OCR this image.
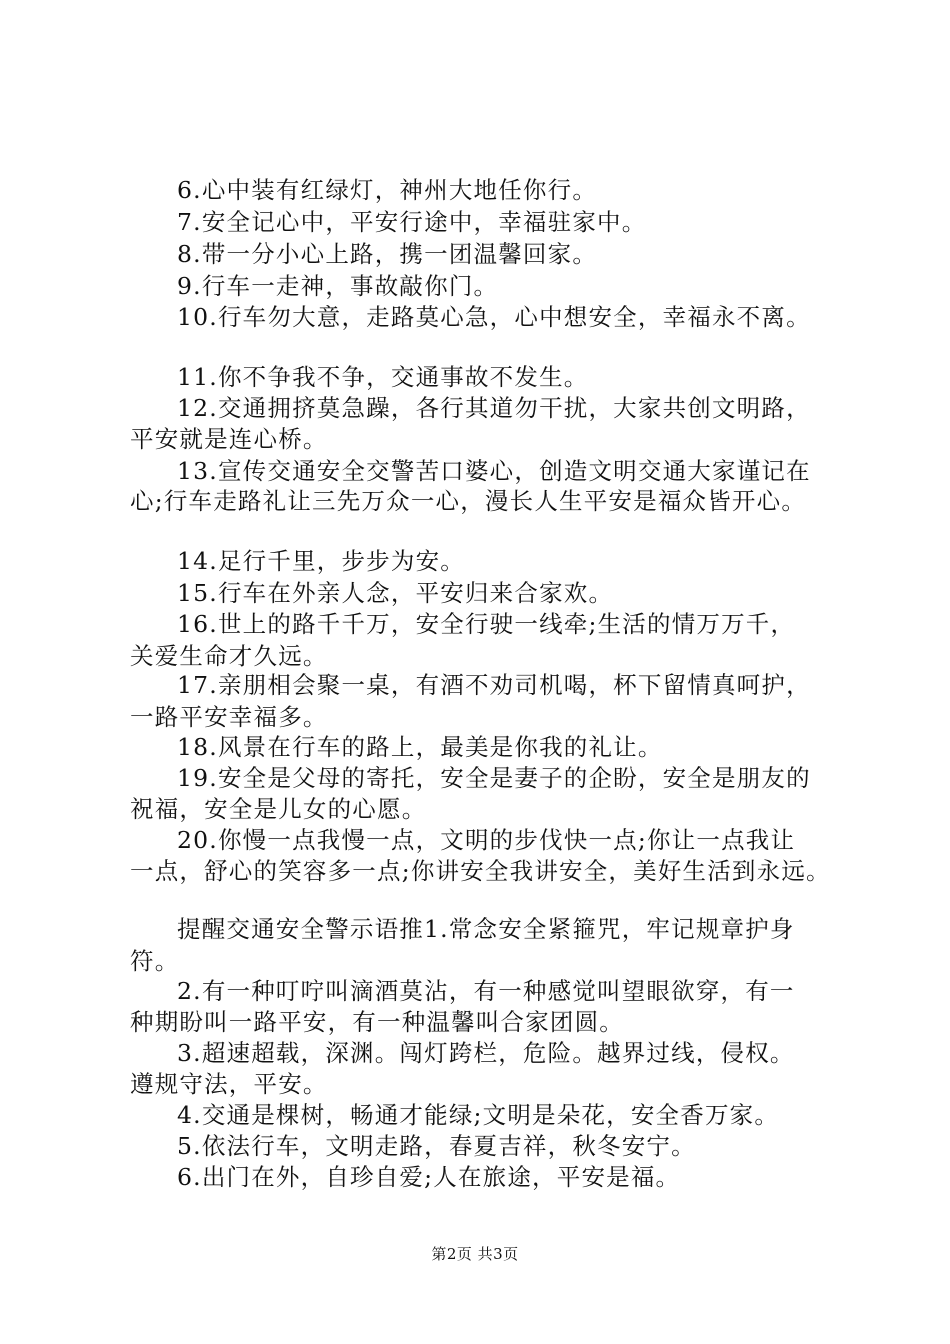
6.心中装有红绿灯，神州大地任你行。
7.安全记心中，平安行途中，幸福驻家中。
8.带一分小心上路，携一团温馨回家。
9.行车一走神，事故敲你门。
10.行车勿大意，走路莫心急，心中想安全，幸福永不离。
11.你不争我不争，交通事故不发生。
12.交通拥挤莫急躁，各行其道勿干扰，大家共创文明路，
平安就是连心桥。
13.宣传交通安全交警苦口婆心，创造文明交通大家谨记在
心;行车走路礼让三先万众一心，漫长人生平安是福众皆开心。
14.足行千里，步步为安。
15.行车在外亲人念，平安归来合家欢。
16.世上的路千千万，安全行驶一线牵;生活的情万万千，
关爱生命才久远。
17.亲朋相会聚一桌，有酒不劝司机喝，杯下留情真呵护，
一路平安幸福多。
18.风景在行车的路上，最美是你我的礼让。
19.安全是父母的寄托，安全是妻子的企盼，安全是朋友的
祝福，安全是儿女的心愿。
20.你慢一点我慢一点，文明的步伐快一点;你让一点我让
一点，舒心的笑容多一点;你讲安全我讲安全，美好生活到永远。
提醒交通安全警示语推1.常念安全紧箍咒，牢记规章护身
符。
2.有一种叮咛叫滴酒莫沾，有一种感觉叫望眼欲穿，有一
种期盼叫一路平安，有一种温馨叫合家团圆。
3.超速超载，深渊。闯灯跨栏，危险。越界过线，侵权。
遵规守法，平安。
4.交通是棵树，畅通才能绿;文明是朵花，安全香万家。
5.依法行车，文明走路，春夏吉祥，秋冬安宁。
6.出门在外，自珍自爱;人在旅途，平安是福。
第2页 共3页
